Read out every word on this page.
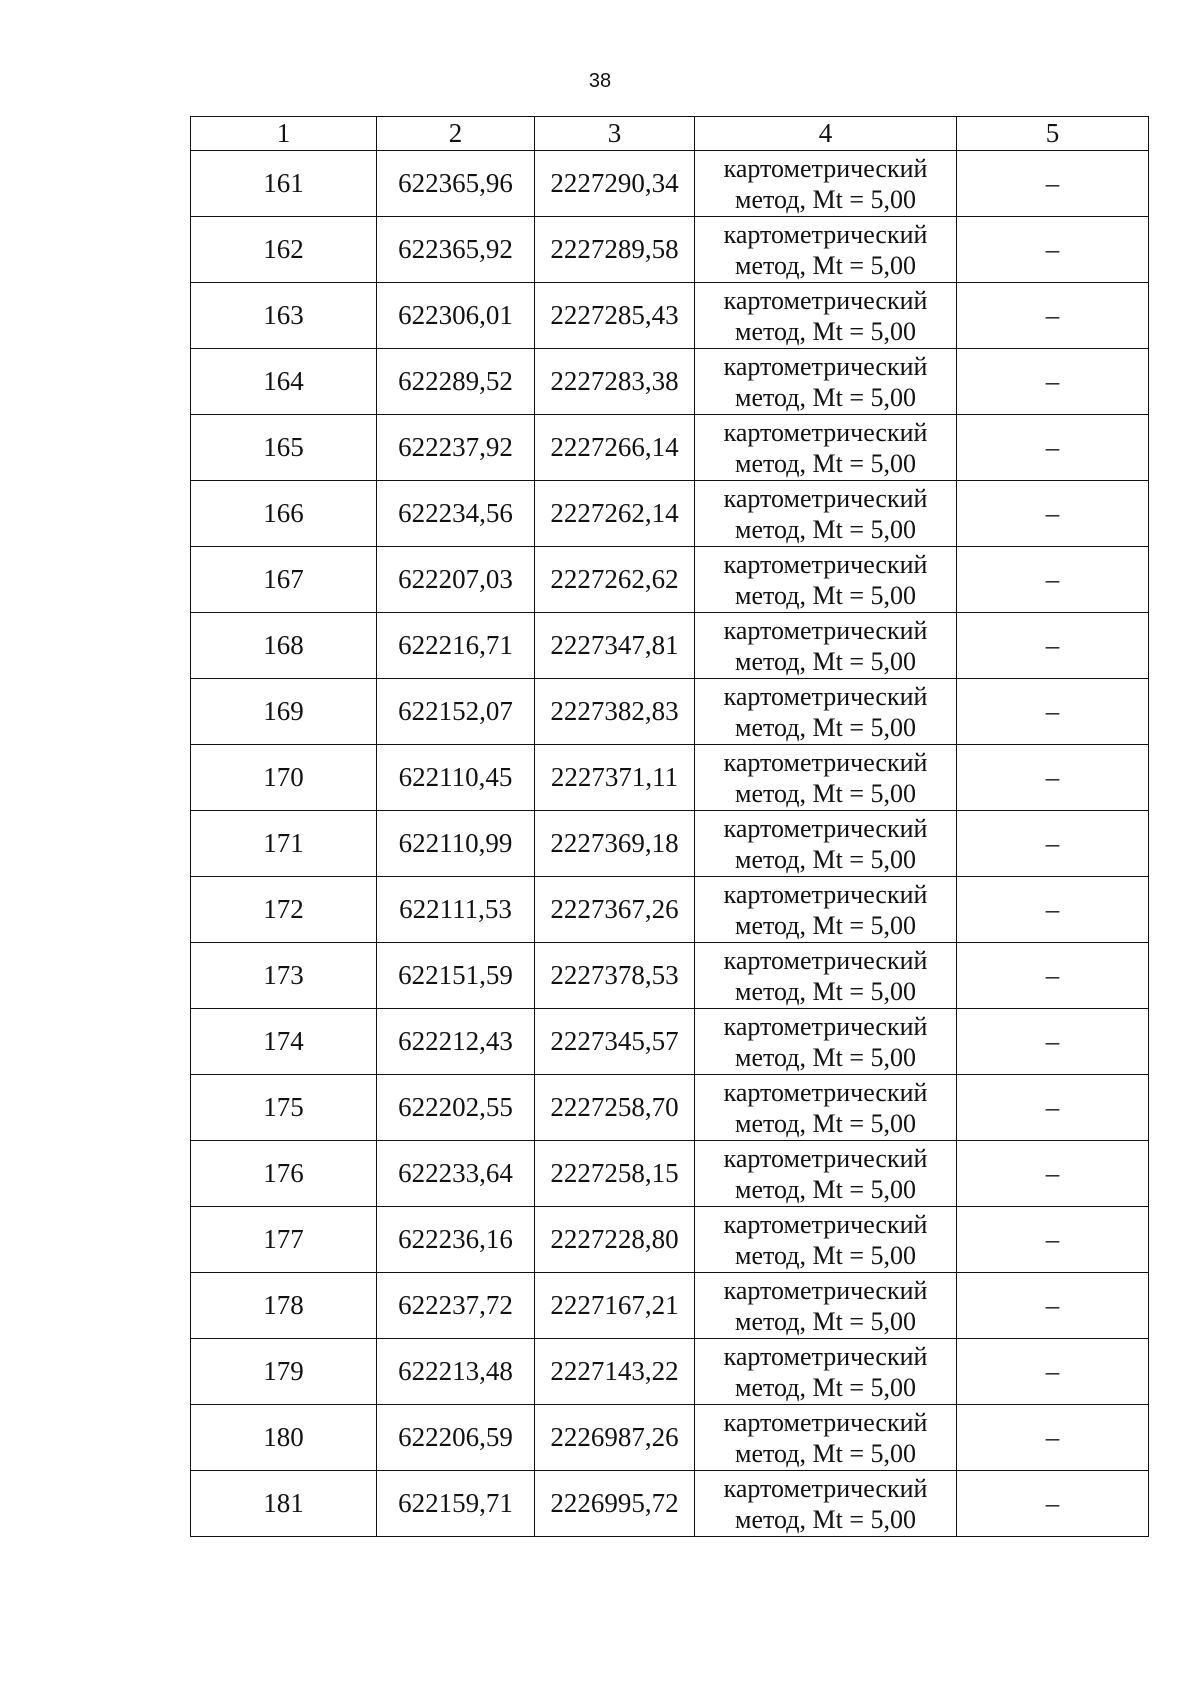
38
1	2	3	4	5
161	622365,96	2227290,34	картометрический
метод, Mt = 5,00	–
162	622365,92	2227289,58	картометрический
метод, Mt = 5,00	–
163	622306,01	2227285,43	картометрический
метод, Mt = 5,00	–
164	622289,52	2227283,38	картометрический
метод, Mt = 5,00	–
165	622237,92	2227266,14	картометрический
метод, Mt = 5,00	–
166	622234,56	2227262,14	картометрический
метод, Mt = 5,00	–
167	622207,03	2227262,62	картометрический
метод, Mt = 5,00	–
168	622216,71	2227347,81	картометрический
метод, Mt = 5,00	–
169	622152,07	2227382,83	картометрический
метод, Mt = 5,00	–
170	622110,45	2227371,11	картометрический
метод, Mt = 5,00	–
171	622110,99	2227369,18	картометрический
метод, Mt = 5,00	–
172	622111,53	2227367,26	картометрический
метод, Mt = 5,00	–
173	622151,59	2227378,53	картометрический
метод, Mt = 5,00	–
174	622212,43	2227345,57	картометрический
метод, Mt = 5,00	–
175	622202,55	2227258,70	картометрический
метод, Mt = 5,00	–
176	622233,64	2227258,15	картометрический
метод, Mt = 5,00	–
177	622236,16	2227228,80	картометрический
метод, Mt = 5,00	–
178	622237,72	2227167,21	картометрический
метод, Mt = 5,00	–
179	622213,48	2227143,22	картометрический
метод, Mt = 5,00	–
180	622206,59	2226987,26	картометрический
метод, Mt = 5,00	–
181	622159,71	2226995,72	картометрический
метод, Mt = 5,00	–
